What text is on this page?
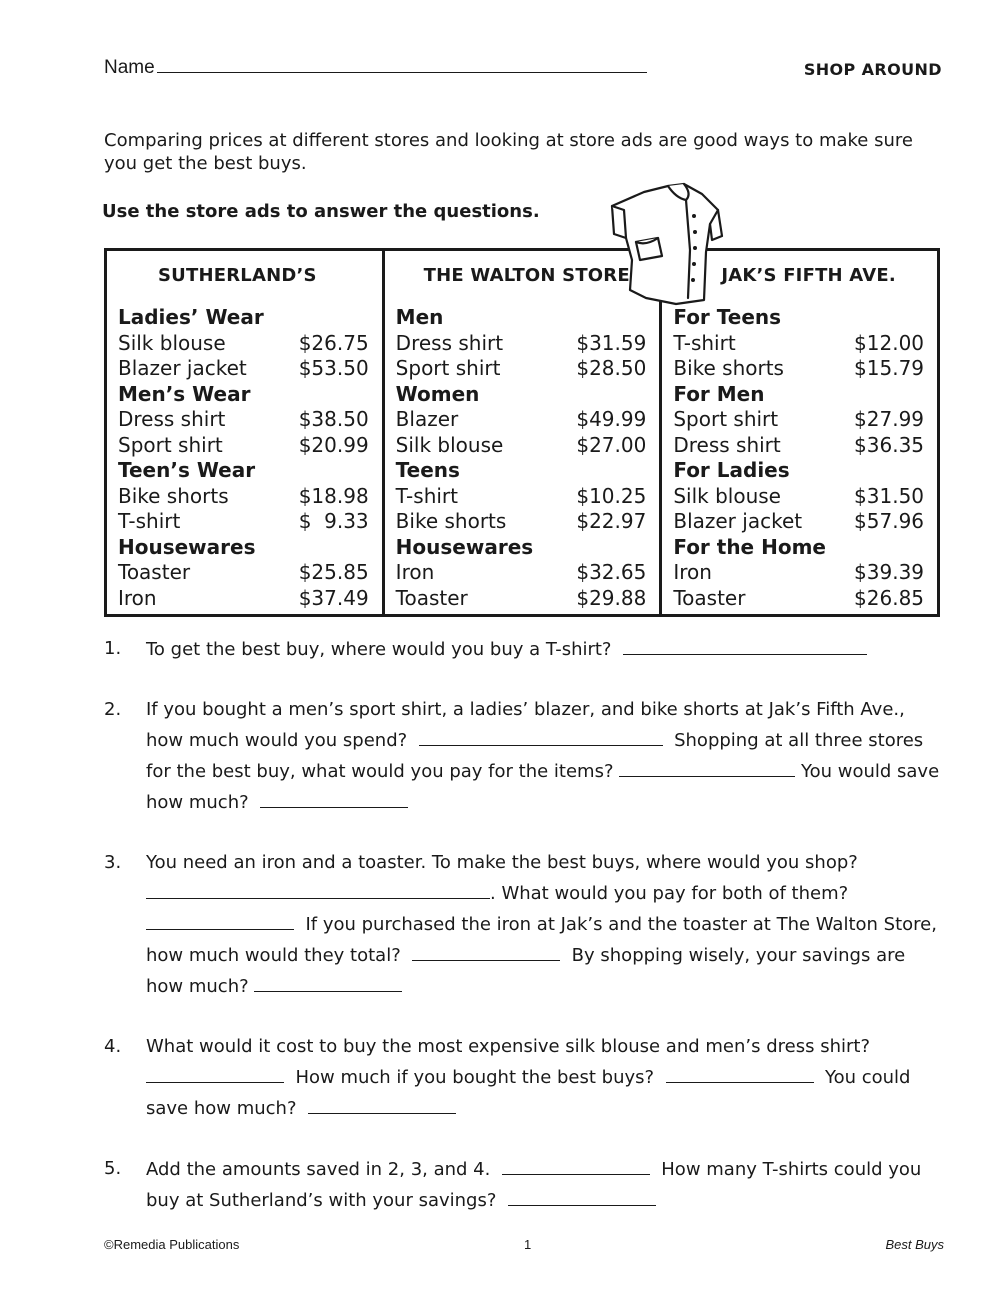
Name	SHOP AROUND
Comparing prices at different stores and looking at store ads are good ways to make sure you get the best buys.
Use the store ads to answer the questions.
SUTHERLAND’S
Ladies’ Wear
Silk blouse	$26.75
Blazer jacket	$53.50
Men’s Wear
Dress shirt	$38.50
Sport shirt	$20.99
Teen’s Wear
Bike shorts	$18.98
T-shirt	$  9.33
Housewares
Toaster	$25.85
Iron	$37.49
THE WALTON STORE
Men
Dress shirt	$31.59
Sport shirt	$28.50
Women
Blazer	$49.99
Silk blouse	$27.00
Teens
T-shirt	$10.25
Bike shorts	$22.97
Housewares
Iron	$32.65
Toaster	$29.88
JAK’S FIFTH AVE.
For Teens
T-shirt	$12.00
Bike shorts	$15.79
For Men
Sport shirt	$27.99
Dress shirt	$36.35
For Ladies
Silk blouse	$31.50
Blazer jacket	$57.96
For the Home
Iron	$39.39
Toaster	$26.85
1.	To get the best buy, where would you buy a T-shirt?
2.	If you bought a men’s sport shirt, a ladies’ blazer, and bike shorts at Jak’s Fifth Ave., how much would you spend?	Shopping at all three stores for the best buy, what would you pay for the items?	You would save how much?
3.	You need an iron and a toaster. To make the best buys, where would you shop? . What would you pay for both of them?   If you purchased the iron at Jak’s and the toaster at The Walton Store, how much would they total?	By shopping wisely, your savings are how much?
4.	What would it cost to buy the most expensive silk blouse and men’s dress shirt?   How much if you bought the best buys?	You could save how much?
5.	Add the amounts saved in 2, 3, and 4.	How many T-shirts could you buy at Sutherland’s with your savings?
©Remedia Publications	1	Best Buys
